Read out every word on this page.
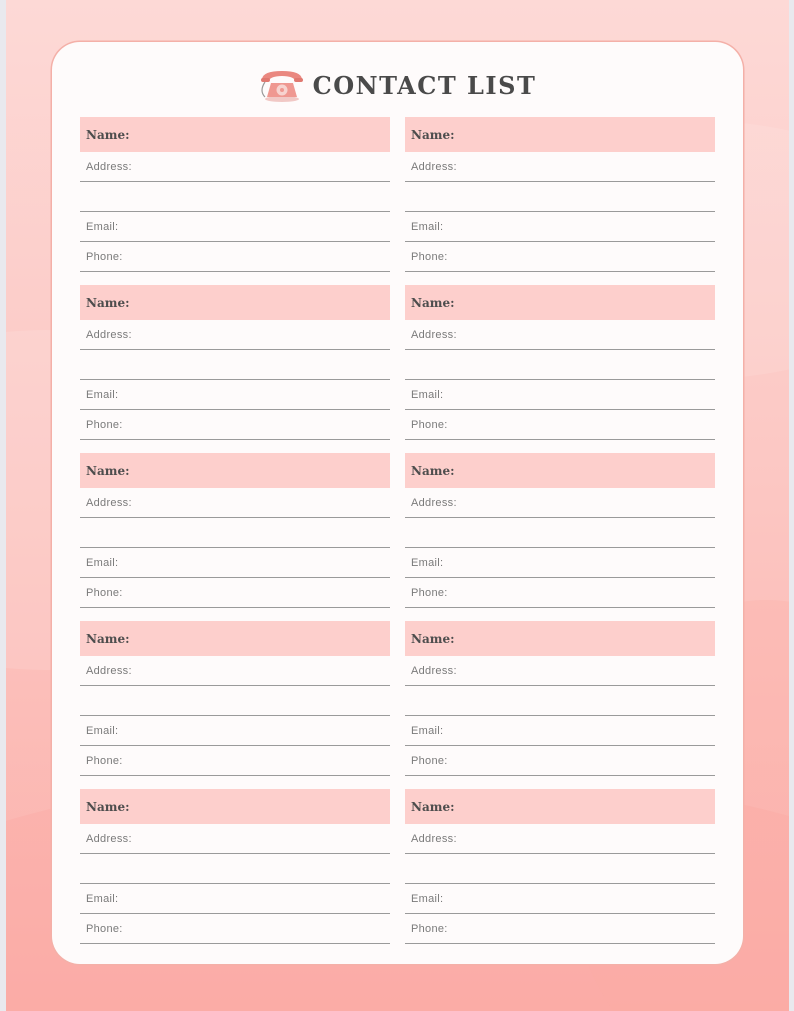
CONTACT LIST
Name:
Address:
Email:
Phone:
Name:
Address:
Email:
Phone:
Name:
Address:
Email:
Phone:
Name:
Address:
Email:
Phone:
Name:
Address:
Email:
Phone:
Name:
Address:
Email:
Phone:
Name:
Address:
Email:
Phone:
Name:
Address:
Email:
Phone:
Name:
Address:
Email:
Phone:
Name:
Address:
Email:
Phone:
